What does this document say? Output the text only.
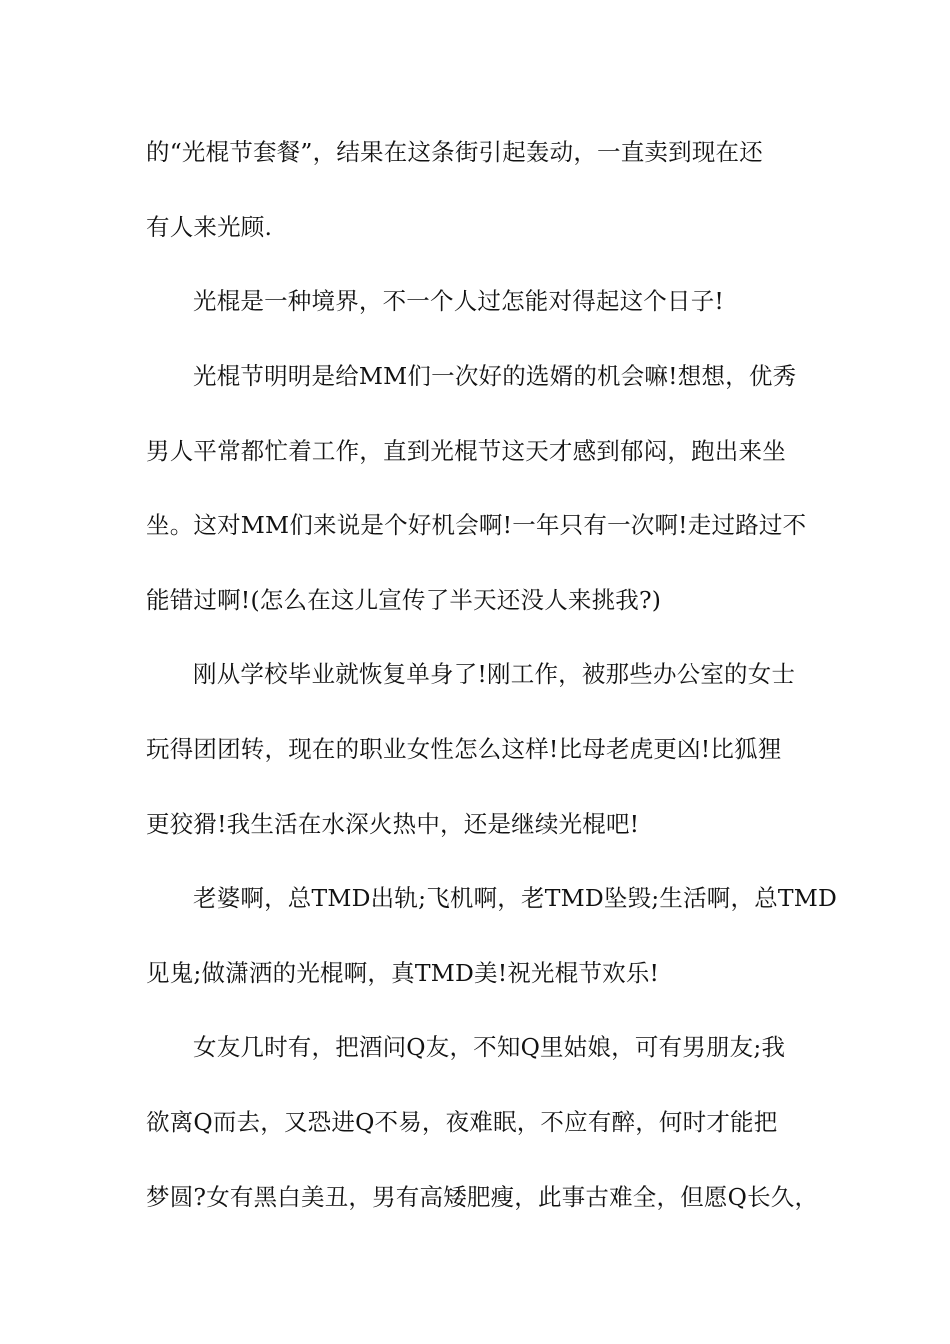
的“光棍节套餐”，结果在这条街引起轰动，一直卖到现在还
有人来光顾.
光棍是一种境界，不一个人过怎能对得起这个日子!
光棍节明明是给MM们一次好的选婿的机会嘛!想想，优秀
男人平常都忙着工作，直到光棍节这天才感到郁闷，跑出来坐
坐。这对MM们来说是个好机会啊!一年只有一次啊!走过路过不
能错过啊!(怎么在这儿宣传了半天还没人来挑我?)
刚从学校毕业就恢复单身了!刚工作，被那些办公室的女士
玩得团团转，现在的职业女性怎么这样!比母老虎更凶!比狐狸
更狡猾!我生活在水深火热中，还是继续光棍吧!
老婆啊，总TMD出轨;飞机啊，老TMD坠毁;生活啊，总TMD
见鬼;做潇洒的光棍啊，真TMD美!祝光棍节欢乐!
女友几时有，把酒问Q友，不知Q里姑娘，可有男朋友;我
欲离Q而去，又恐进Q不易，夜难眠，不应有醉，何时才能把
梦圆?女有黑白美丑，男有高矮肥瘦，此事古难全，但愿Q长久，
